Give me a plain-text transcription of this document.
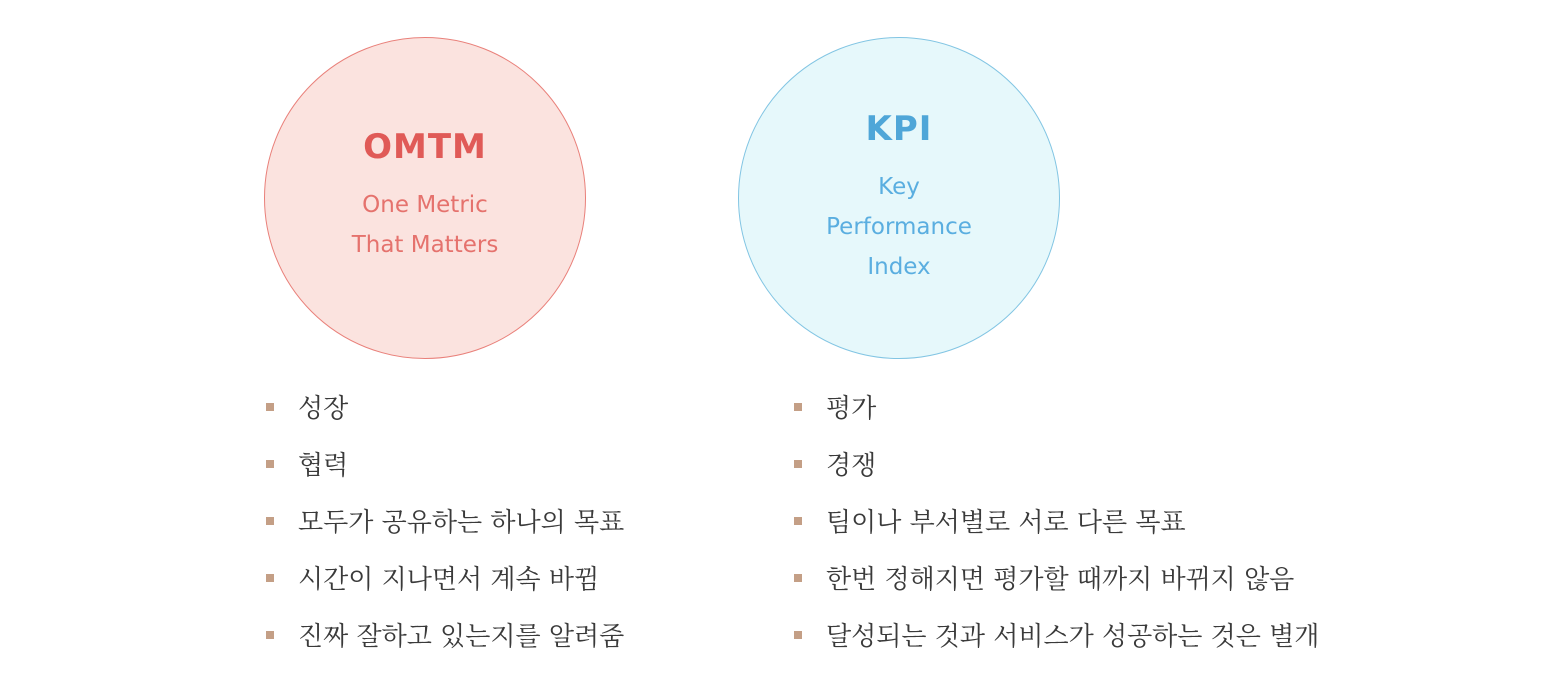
OMTM
One Metric
That Matters
KPI
Key
Performance
Index
성장
협력
모두가 공유하는 하나의 목표
시간이 지나면서 계속 바뀜
진짜 잘하고 있는지를 알려줌
평가
경쟁
팀이나 부서별로 서로 다른 목표
한번 정해지면 평가할 때까지 바뀌지 않음
달성되는 것과 서비스가 성공하는 것은 별개
